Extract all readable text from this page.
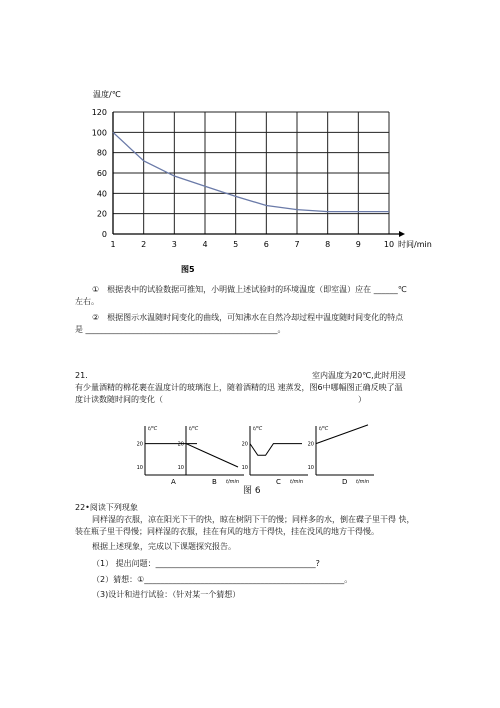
0
20
40
60
80
100
120
1	2	3	4	5	6	7	8	9	10
温度/℃
时间/min
图5
t/℃
20
10
A
t/℃
20
10
t/min
B
t/℃
20
10
t/min
C
t/℃
20
10
t/min
D
①　根据表中的试验数据可推知，小明做上述试验时的环境温度（即室温）应在 ______℃
左右。
②　根据图示水温随时间变化的曲线，可知沸水在自然冷却过程中温度随时间变化的特点
是 ________________________________________________。
21.	室内温度为20℃,此时用浸
有少量酒精的棉花裹在温度计的玻璃泡上，随着酒精的迅 速蒸发，图6中哪幅图正确反映了温
度计读数随时间的变化（	）
图 6
22•阅读下列现象
同样湿的衣服，凉在阳光下干的快，晾在树阴下干的慢；同样多的水，倒在碟子里干得 快，
装在瓶子里干得慢；同样湿的衣服，挂在有风的地方干得快，挂在没风的地方干得慢。
根据上述现象，完成以下课题探究报告。
（1） 提出问题：________________________________________?
（2）猜想：①__________________________________________________。
（3)设计和进行试验：（针对某一个猜想）
